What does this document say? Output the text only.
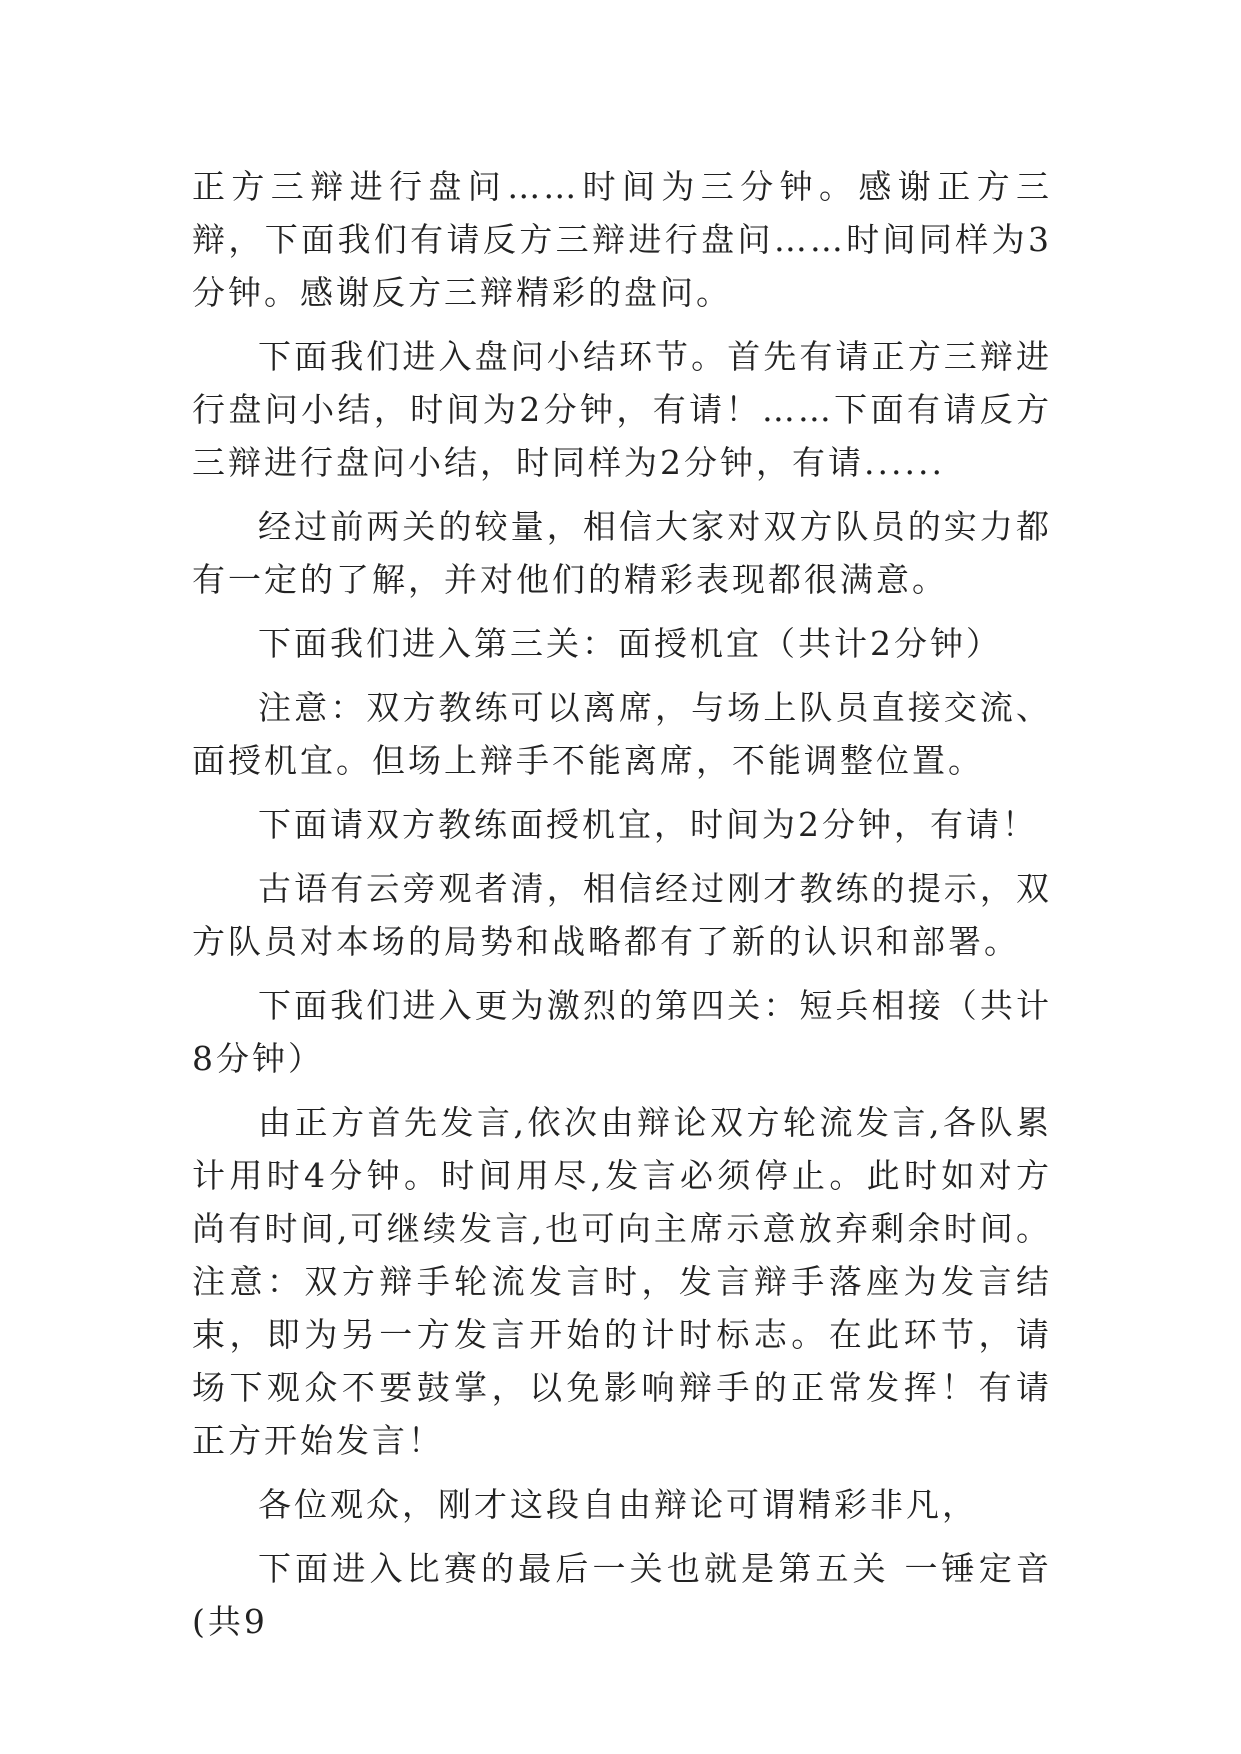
正方三辩进行盘问……时间为三分钟。感谢正方三辩，下面我们有请反方三辩进行盘问……时间同样为3分钟。感谢反方三辩精彩的盘问。

下面我们进入盘问小结环节。首先有请正方三辩进行盘问小结，时间为2分钟，有请！……下面有请反方三辩进行盘问小结，时同样为2分钟，有请......

经过前两关的较量，相信大家对双方队员的实力都有一定的了解，并对他们的精彩表现都很满意。

下面我们进入第三关：面授机宜（共计2分钟）

注意：双方教练可以离席，与场上队员直接交流、面授机宜。但场上辩手不能离席，不能调整位置。

下面请双方教练面授机宜，时间为2分钟，有请！

古语有云旁观者清，相信经过刚才教练的提示，双方队员对本场的局势和战略都有了新的认识和部署。

下面我们进入更为激烈的第四关：短兵相接（共计8分钟）

由正方首先发言,依次由辩论双方轮流发言,各队累计用时4分钟。时间用尽,发言必须停止。此时如对方尚有时间,可继续发言,也可向主席示意放弃剩余时间。 注意：双方辩手轮流发言时，发言辩手落座为发言结束，即为另一方发言开始的计时标志。在此环节，请场下观众不要鼓掌，以免影响辩手的正常发挥！有请正方开始发言！

各位观众，刚才这段自由辩论可谓精彩非凡，

下面进入比赛的最后一关也就是第五关 一锤定音(共9
